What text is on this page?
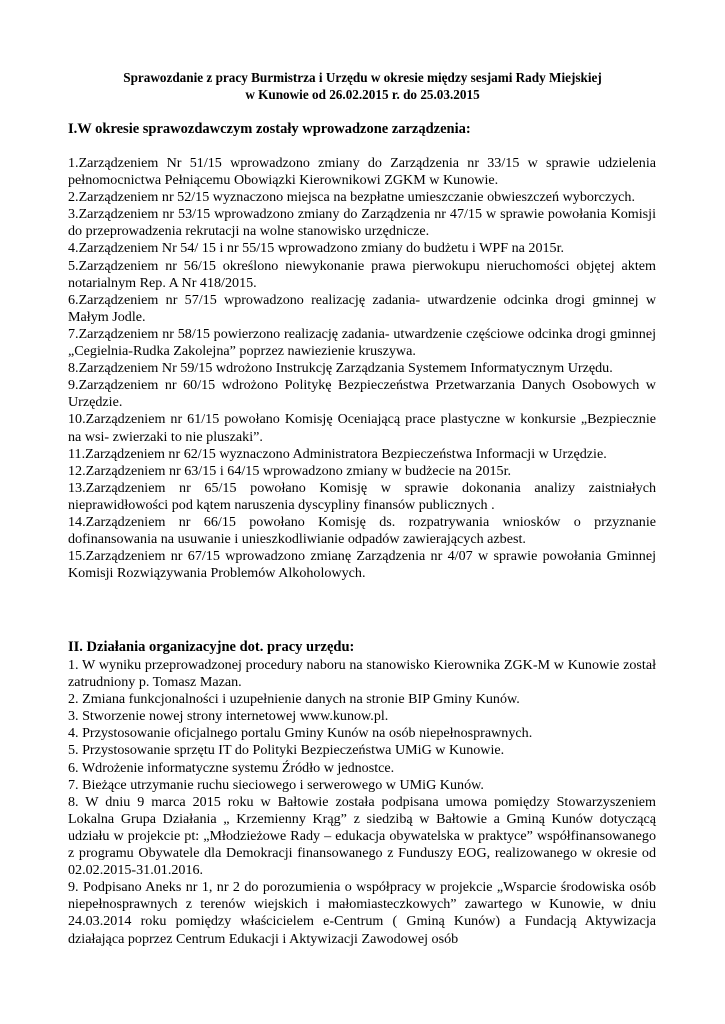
Sprawozdanie z pracy Burmistrza i Urzędu w okresie między sesjami Rady Miejskiej
w Kunowie od 26.02.2015 r. do 25.03.2015
I.W okresie sprawozdawczym zostały wprowadzone zarządzenia:

1.Zarządzeniem Nr 51/15 wprowadzono zmiany do Zarządzenia nr 33/15 w sprawie udzielenia pełnomocnictwa Pełniącemu Obowiązki Kierownikowi ZGKM w Kunowie.

2.Zarządzeniem nr 52/15 wyznaczono miejsca na bezpłatne umieszczanie obwieszczeń wyborczych.

3.Zarządzeniem nr 53/15 wprowadzono zmiany do Zarządzenia nr 47/15 w sprawie powołania Komisji do przeprowadzenia rekrutacji na wolne stanowisko urzędnicze.

4.Zarządzeniem Nr 54/ 15 i nr 55/15 wprowadzono zmiany do budżetu i WPF na 2015r.

5.Zarządzeniem nr 56/15 określono niewykonanie prawa pierwokupu nieruchomości objętej aktem notarialnym Rep. A Nr 418/2015.

6.Zarządzeniem nr 57/15 wprowadzono realizację zadania- utwardzenie odcinka drogi gminnej w Małym Jodle.

7.Zarządzeniem nr 58/15 powierzono realizację zadania- utwardzenie częściowe odcinka drogi gminnej „Cegielnia-Rudka Zakolejna” poprzez nawiezienie kruszywa.

8.Zarządzeniem Nr 59/15 wdrożono Instrukcję Zarządzania Systemem Informatycznym Urzędu.

9.Zarządzeniem nr 60/15 wdrożono Politykę Bezpieczeństwa Przetwarzania Danych Osobowych w Urzędzie.

10.Zarządzeniem nr 61/15 powołano Komisję Oceniającą prace plastyczne w konkursie „Bezpiecznie na wsi- zwierzaki to nie pluszaki”.

11.Zarządzeniem nr 62/15 wyznaczono Administratora Bezpieczeństwa Informacji w Urzędzie.

12.Zarządzeniem nr 63/15 i 64/15 wprowadzono zmiany w budżecie na 2015r.

13.Zarządzeniem nr 65/15 powołano Komisję w sprawie dokonania analizy zaistniałych nieprawidłowości pod kątem naruszenia dyscypliny finansów publicznych .

14.Zarządzeniem nr 66/15 powołano Komisję ds. rozpatrywania wniosków o przyznanie dofinansowania na usuwanie i unieszkodliwianie odpadów zawierających azbest.

15.Zarządzeniem nr 67/15 wprowadzono zmianę Zarządzenia nr 4/07 w sprawie powołania Gminnej Komisji Rozwiązywania Problemów Alkoholowych.

II. Działania organizacyjne dot. pracy urzędu:

1. W wyniku przeprowadzonej procedury naboru na stanowisko Kierownika ZGK-M w Kunowie został zatrudniony p. Tomasz Mazan.

2. Zmiana funkcjonalności i uzupełnienie danych na stronie BIP Gminy Kunów.

3. Stworzenie nowej strony internetowej www.kunow.pl.

4. Przystosowanie oficjalnego portalu Gminy Kunów na osób niepełnosprawnych.

5. Przystosowanie sprzętu IT do Polityki Bezpieczeństwa UMiG w Kunowie.

6. Wdrożenie informatyczne systemu Źródło w jednostce.

7. Bieżące utrzymanie ruchu sieciowego i serwerowego w UMiG Kunów.

8. W dniu 9 marca 2015 roku w Bałtowie została podpisana umowa pomiędzy Stowarzyszeniem Lokalna Grupa Działania „ Krzemienny Krąg” z siedzibą w Bałtowie a Gminą Kunów dotyczącą udziału w projekcie pt: „Młodzieżowe Rady – edukacja obywatelska w praktyce” współfinansowanego z programu Obywatele dla Demokracji finansowanego z Funduszy EOG, realizowanego w okresie od 02.02.2015-31.01.2016.

9. Podpisano Aneks nr 1, nr 2 do porozumienia o współpracy w projekcie „Wsparcie środowiska osób niepełnosprawnych z terenów wiejskich i małomiasteczkowych” zawartego w Kunowie, w dniu 24.03.2014 roku pomiędzy właścicielem e-Centrum ( Gminą Kunów) a Fundacją Aktywizacja działająca poprzez Centrum Edukacji i Aktywizacji Zawodowej osób
